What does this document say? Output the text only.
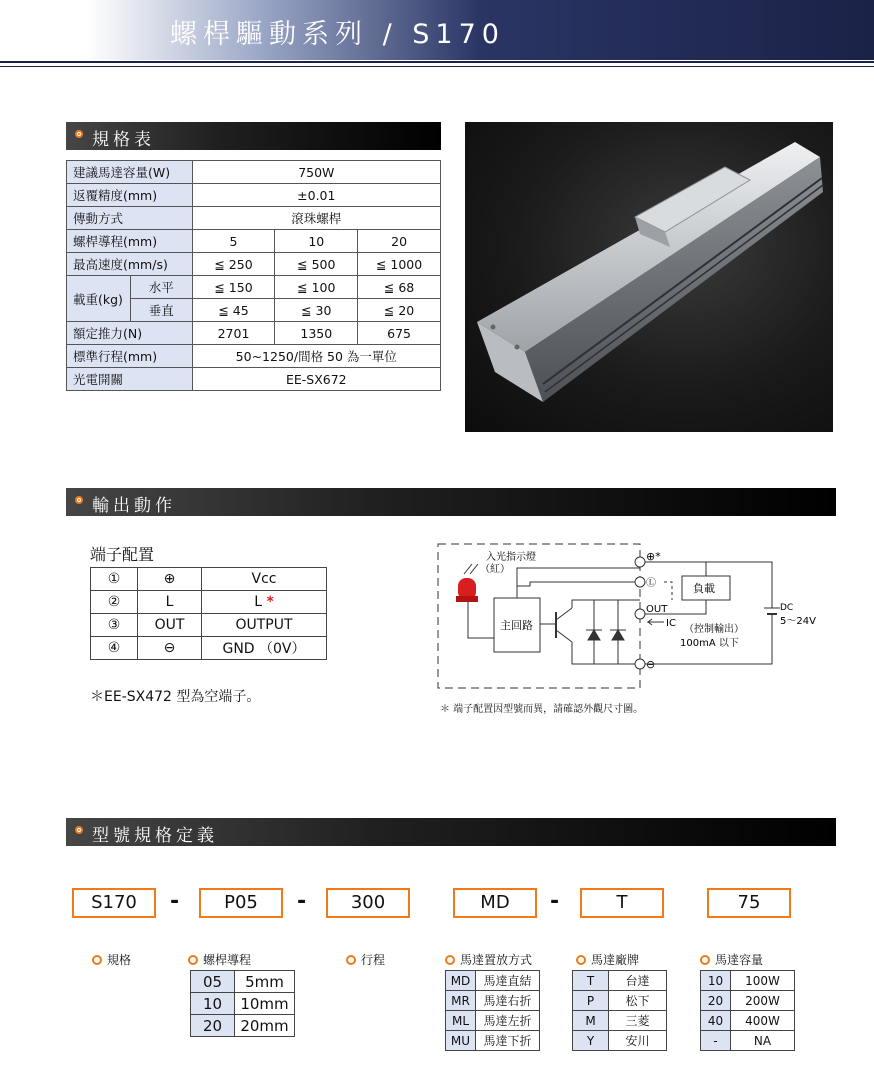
螺桿驅動系列 ∕ S170
規格表
建議馬達容量(W)		750W		
返覆精度(mm)		±0.01		
傳動方式		滾珠螺桿		
螺桿導程(mm)		5	10	20
最高速度(mm/s)		≦ 250	≦ 500	≦ 1000
載重(kg)	水平	≦ 150	≦ 100	≦ 68
	垂直	≦ 45	≦ 30	≦ 20
額定推力(N)		2701	1350	675
標準行程(mm)		50~1250/間格 50 為一單位		
光電開關		EE-SX672		
輸出動作
端子配置
①	⊕	Vcc
②	L	L *
③	OUT	OUTPUT
④	⊖	GND （0V）
＊EE-SX472 型為空端子。
入光指示燈
（紅）
主回路
⊕*
Ⓛ
⊖
OUT
負載
IC
（控制輸出）
100mA 以下
DC
5～24V
＊ 端子配置因型號而異，請確認外觀尺寸圖。
型號規格定義
S170	-	P05	-	300	MD	-	T	75
規格	螺桿導程	行程	馬達置放方式	馬達廠牌	馬達容量
05	5mm
10	10mm
20	20mm
MD	馬達直結
MR	馬達右折
ML	馬達左折
MU	馬達下折
T	台達
P	松下
M	三菱
Y	安川
10	100W
20	200W
40	400W
-	NA
